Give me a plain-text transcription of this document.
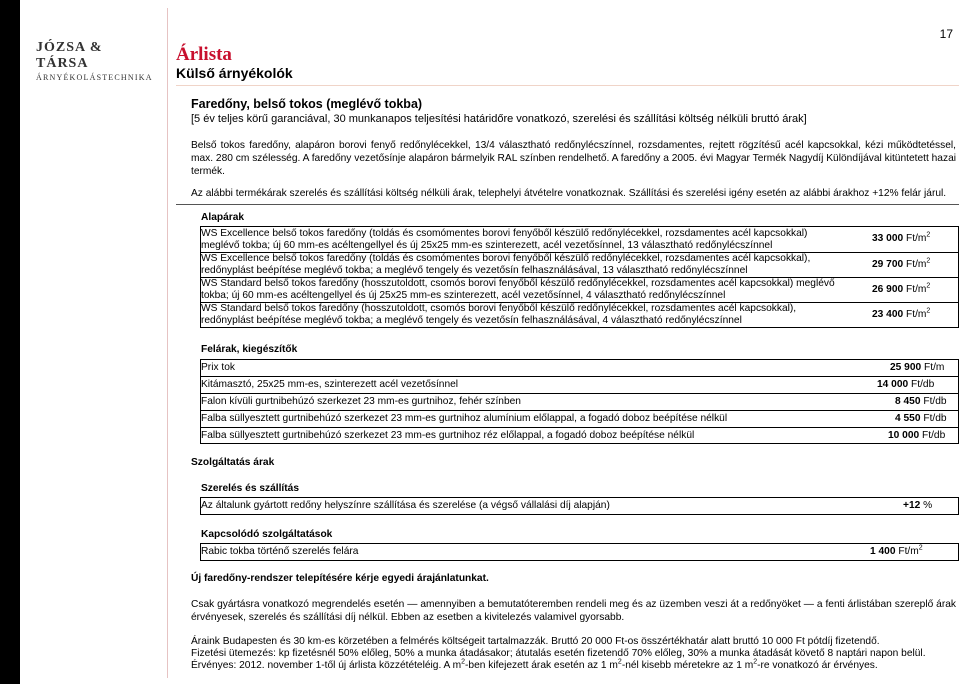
JÓZSA & TÁRSA
ÁRNYÉKOLÁSTECHNIKA
Árlista
Külső árnyékolók
17
Faredőny, belső tokos (meglévő tokba)
[5 év teljes körű garanciával, 30 munkanapos teljesítési határidőre vonatkozó, szerelési és szállítási költség nélküli bruttó árak]
Belső tokos faredőny, alapáron borovi fenyő redőnylécekkel, 13/4 választható redőnylécszínnel, rozsdamentes, rejtett rögzítésű acél kapcsokkal, kézi működtetéssel, max. 280 cm szélesség. A faredőny vezetősínje alapáron bármelyik RAL színben rendelhető. A faredőny a 2005. évi Magyar Termék Nagydíj Különdíjával kitüntetett hazai termék.
Az alábbi termékárak szerelés és szállítási költség nélküli árak, telephelyi átvételre vonatkoznak. Szállítási és szerelési igény esetén az alábbi árakhoz +12% felár járul.
Alapárak
WS Excellence belső tokos faredőny (toldás és csomómentes borovi fenyőből készülő redőnylécekkel, rozsdamentes acél kapcsokkal)
meglévő tokba; új 60 mm-es acéltengellyel és új 25x25 mm-es szinterezett, acél vezetősínnel, 13 választható redőnylécszínnel
33 000 $Ft/m^2$
WS Excellence belső tokos faredőny (toldás és csomómentes borovi fenyőből készülő redőnylécekkel, rozsdamentes acél kapcsokkal),
redőnyplást beépítése meglévő tokba; a meglévő tengely és vezetősín felhasználásával, 13 választható redőnylécszínnel
29 700 $Ft/m^2$
WS Standard belső tokos faredőny (hosszutoldott, csomós borovi fenyőből készülő redőnylécekkel, rozsdamentes acél kapcsokkal) meglévő
tokba; új 60 mm-es acéltengellyel és új 25x25 mm-es szinterezett, acél vezetősínnel, 4 választható redőnylécszínnel
26 900 $Ft/m^2$
WS Standard belső tokos faredőny (hosszutoldott, csomós borovi fenyőből készülő redőnylécekkel, rozsdamentes acél kapcsokkal),
redőnyplást beépítése meglévő tokba; a meglévő tengely és vezetősín felhasználásával, 4 választható redőnylécszínnel
23 400 $Ft/m^2$
Felárak, kiegészítők
Prix tok	25 900 Ft/m
Kitámasztó, 25x25 mm-es, szinterezett acél vezetősínnel	14 000 Ft/db
Falon kívüli gurtnibehúzó szerkezet 23 mm-es gurtnihoz, fehér színben	8 450 Ft/db
Falba süllyesztett gurtnibehúzó szerkezet 23 mm-es gurtnihoz alumínium előlappal, a fogadó doboz beépítése nélkül	4 550 Ft/db
Falba süllyesztett gurtnibehúzó szerkezet 23 mm-es gurtnihoz réz előlappal, a fogadó doboz beépítése nélkül	10 000 Ft/db
Szolgáltatás árak
Szerelés és szállítás
Az általunk gyártott redőny helyszínre szállítása és szerelése (a végső vállalási díj alapján)	+12 %
Kapcsolódó szolgáltatások
Rabic tokba történő szerelés felára	1 400 $Ft/m^2$
Új faredőny-rendszer telepítésére kérje egyedi árajánlatunkat.
Csak gyártásra vonatkozó megrendelés esetén — amennyiben a bemutatóteremben rendeli meg és az üzemben veszi át a redőnyöket — a fenti árlistában szereplő árak érvényesek, szerelés és szállítási díj nélkül. Ebben az esetben a kivitelezés valamivel gyorsabb.
Áraink Budapesten és 30 km-es körzetében a felmérés költségeit tartalmazzák. Bruttó 20 000 Ft-os összértékhatár alatt bruttó 10 000 Ft pótdíj fizetendő.
Fizetési ütemezés: kp fizetésnél 50% előleg, 50% a munka átadásakor; átutalás esetén fizetendő 70% előleg, 30% a munka átadását követő 8 naptári napon belül.
Érvényes: 2012. november 1-től új árlista közzétételéig. A $m^2$-ben kifejezett árak esetén az 1 $m^2$-nél kisebb méretekre az 1 $m^2-re$ vonatkozó ár érvényes.
